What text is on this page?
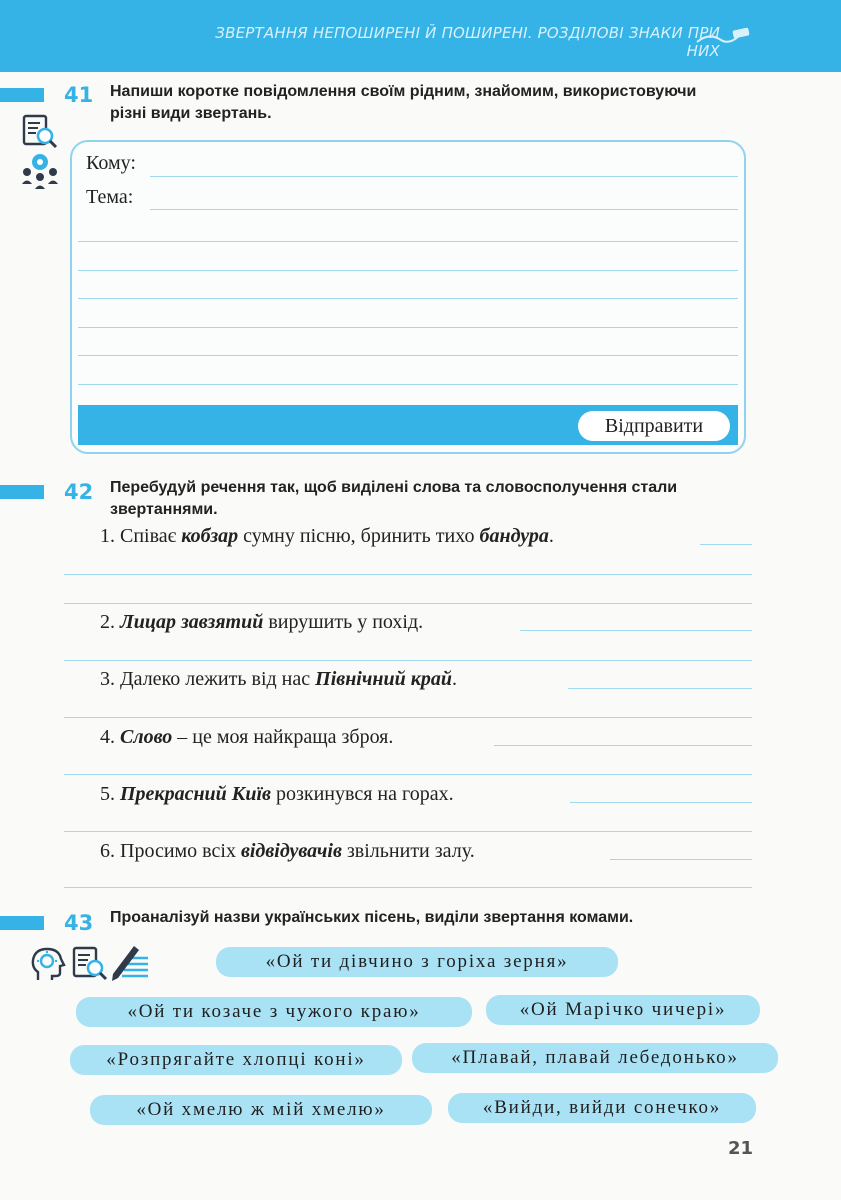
ЗВЕРТАННЯ НЕПОШИРЕНІ Й ПОШИРЕНІ. РОЗДІЛОВІ ЗНАКИ ПРИ НИХ
41 Напиши коротке повідомлення своїм рідним, знайомим, використовуючи
різні види звертань.
Кому:
Тема:
Відправити
42 Перебудуй речення так, щоб виділені слова та словосполучення стали
звертаннями.
1. Співає кобзар сумну пісню, бринить тихо бандура.
2. Лицар завзятий вирушить у похід.
3. Далеко лежить від нас Північний край.
4. Слово – це моя найкраща зброя.
5. Прекрасний Київ розкинувся на горах.
6. Просимо всіх відвідувачів звільнити залу.
43 Проаналізуй назви українських пісень, виділи звертання комами.
«Ой ти дівчино з горіха зерня»
«Ой ти козаче з чужого краю»	«Ой Марічко чичері»
«Розпрягайте хлопці коні»	«Плавай, плавай лебедонько»
«Ой хмелю ж мій хмелю»	«Вийди, вийди сонечко»
21
